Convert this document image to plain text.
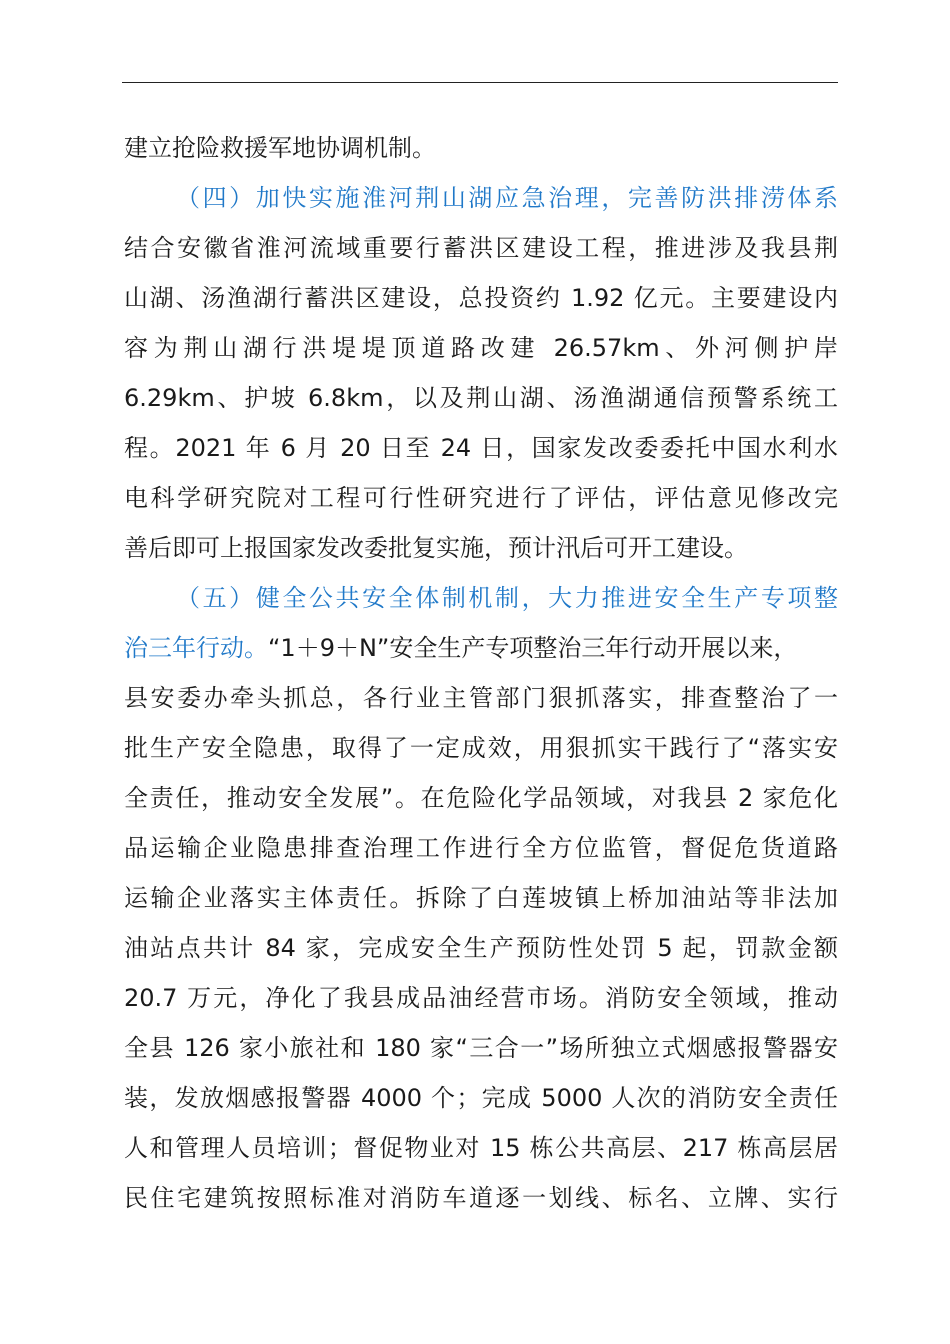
建立抢险救援军地协调机制。
（四）加快实施淮河荆山湖应急治理，完善防洪排涝体系
结合安徽省淮河流域重要行蓄洪区建设工程，推进涉及我县荆
山湖、汤渔湖行蓄洪区建设，总投资约 1.92 亿元。主要建设内
容为荆山湖行洪堤堤顶道路改建 26.57km、外河侧护岸
6.29km、护坡 6.8km，以及荆山湖、汤渔湖通信预警系统工
程。2021 年 6 月 20 日至 24 日，国家发改委委托中国水利水
电科学研究院对工程可行性研究进行了评估，评估意见修改完
善后即可上报国家发改委批复实施，预计汛后可开工建设。
（五）健全公共安全体制机制，大力推进安全生产专项整
治三年行动。“1＋9＋N”安全生产专项整治三年行动开展以来，
县安委办牵头抓总，各行业主管部门狠抓落实，排查整治了一
批生产安全隐患，取得了一定成效，用狠抓实干践行了“落实安
全责任，推动安全发展”。在危险化学品领域，对我县 2 家危化
品运输企业隐患排查治理工作进行全方位监管，督促危货道路
运输企业落实主体责任。拆除了白莲坡镇上桥加油站等非法加
油站点共计 84 家，完成安全生产预防性处罚 5 起，罚款金额
20.7 万元，净化了我县成品油经营市场。消防安全领域，推动
全县 126 家小旅社和 180 家“三合一”场所独立式烟感报警器安
装，发放烟感报警器 4000 个；完成 5000 人次的消防安全责任
人和管理人员培训；督促物业对 15 栋公共高层、217 栋高层居
民住宅建筑按照标准对消防车道逐一划线、标名、立牌、实行
